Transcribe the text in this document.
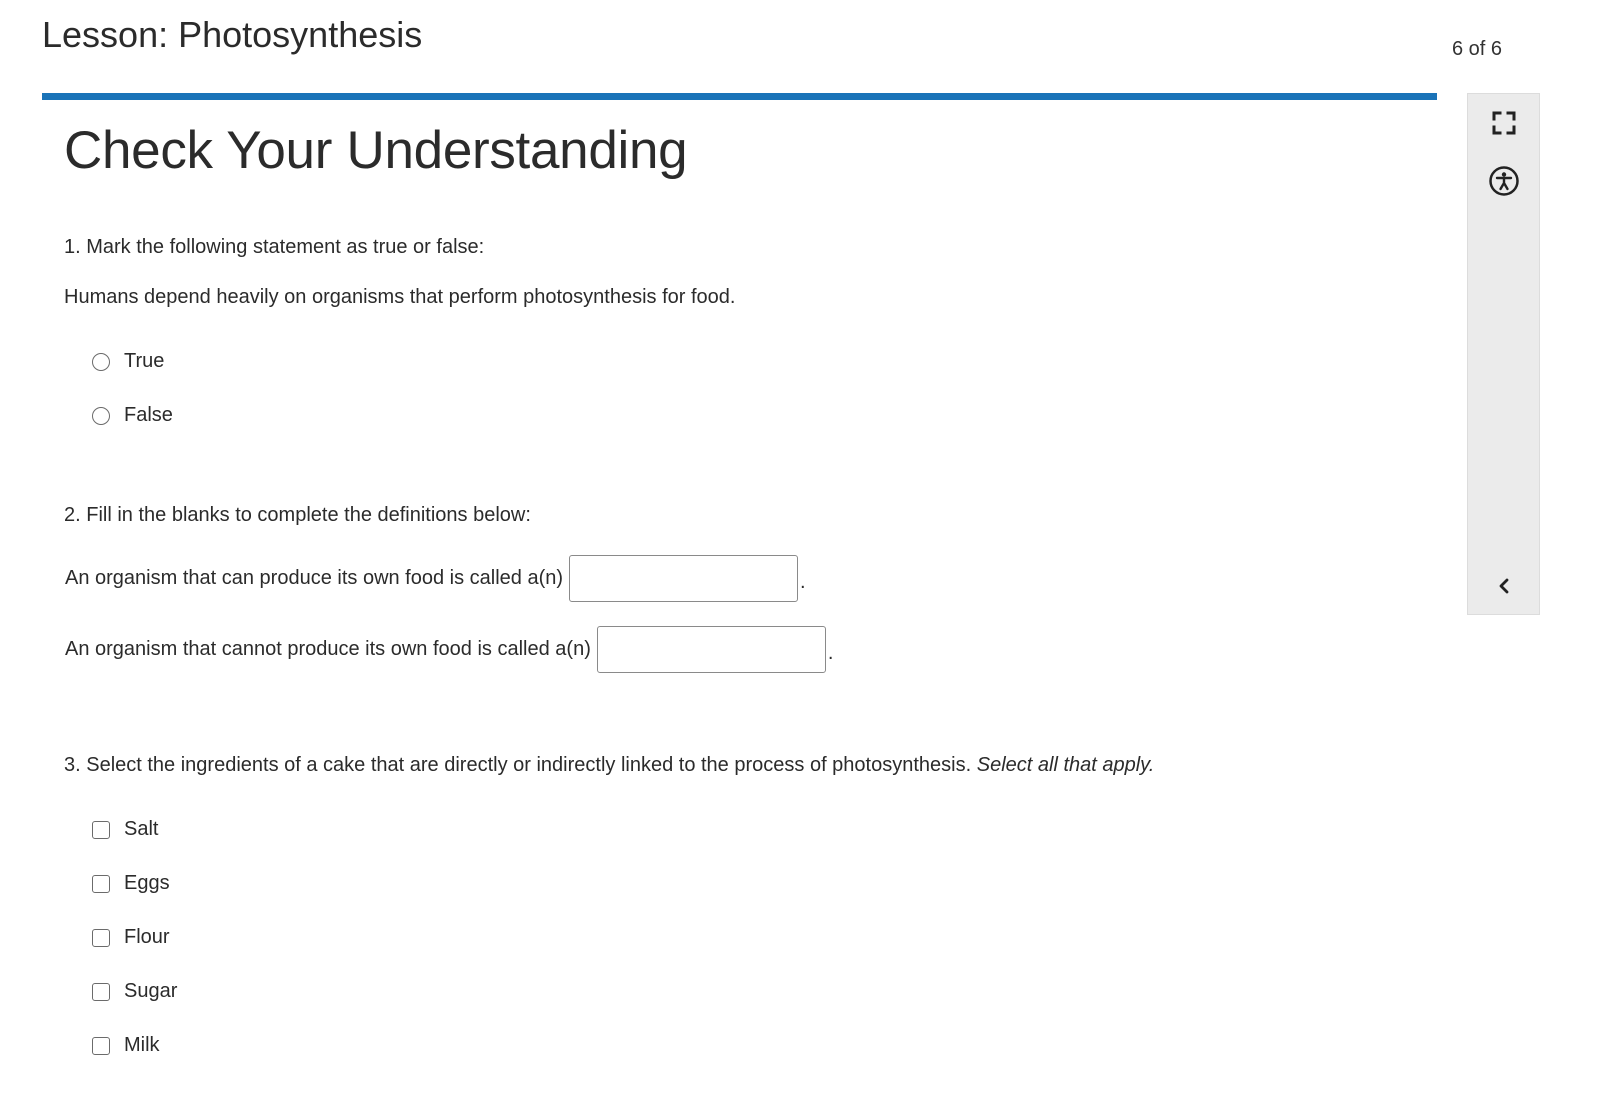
Lesson: Photosynthesis	6 of 6
Check Your Understanding
1. Mark the following statement as true or false:
Humans depend heavily on organisms that perform photosynthesis for food.
True
False
2. Fill in the blanks to complete the definitions below:
An organism that can produce its own food is called a(n)	.
An organism that cannot produce its own food is called a(n)	.
3. Select the ingredients of a cake that are directly or indirectly linked to the process of photosynthesis. Select all that apply.
Salt
Eggs
Flour
Sugar
Milk
